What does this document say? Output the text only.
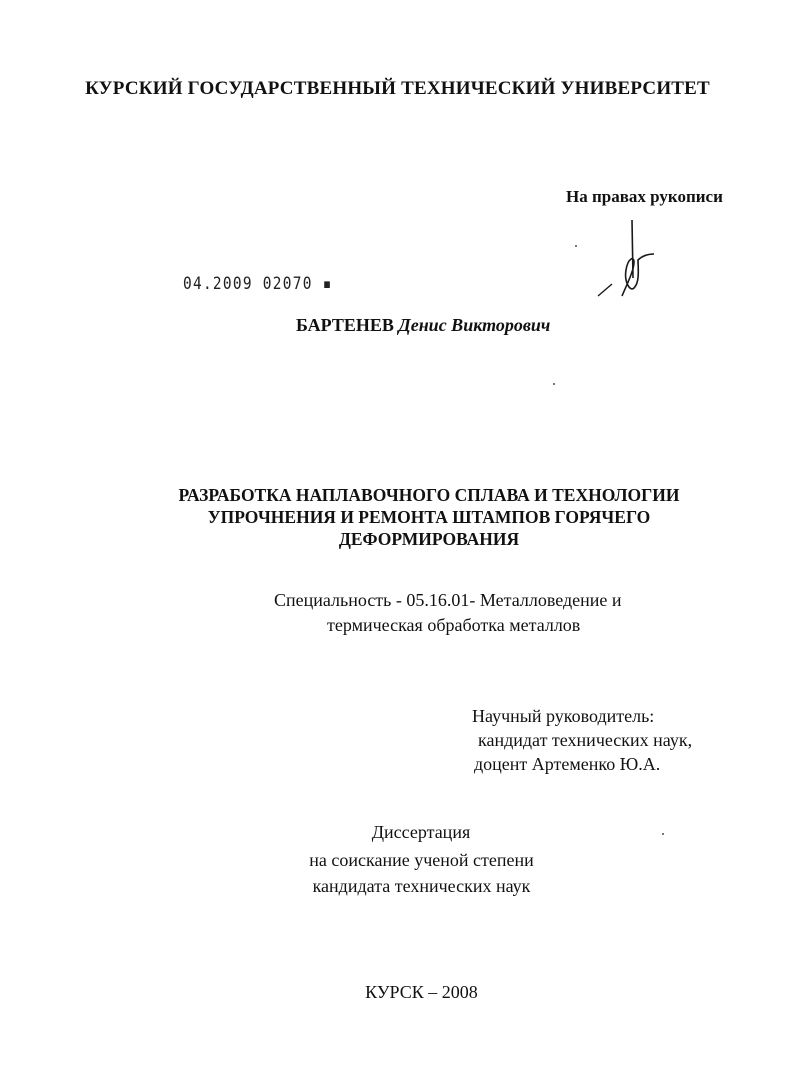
КУРСКИЙ ГОСУДАРСТВЕННЫЙ ТЕХНИЧЕСКИЙ УНИВЕРСИТЕТ
На правах рукописи
04.2009 02070 ▪
БАРТЕНЕВ Денис Викторович
РАЗРАБОТКА НАПЛАВОЧНОГО СПЛАВА И ТЕХНОЛОГИИ
УПРОЧНЕНИЯ И РЕМОНТА ШТАМПОВ ГОРЯЧЕГО
ДЕФОРМИРОВАНИЯ
Специальность - 05.16.01- Металловедение и
термическая обработка металлов
Научный руководитель:
кандидат технических наук,
доцент Артеменко Ю.А.
Диссертация
на соискание ученой степени
кандидата технических наук
КУРСК – 2008
